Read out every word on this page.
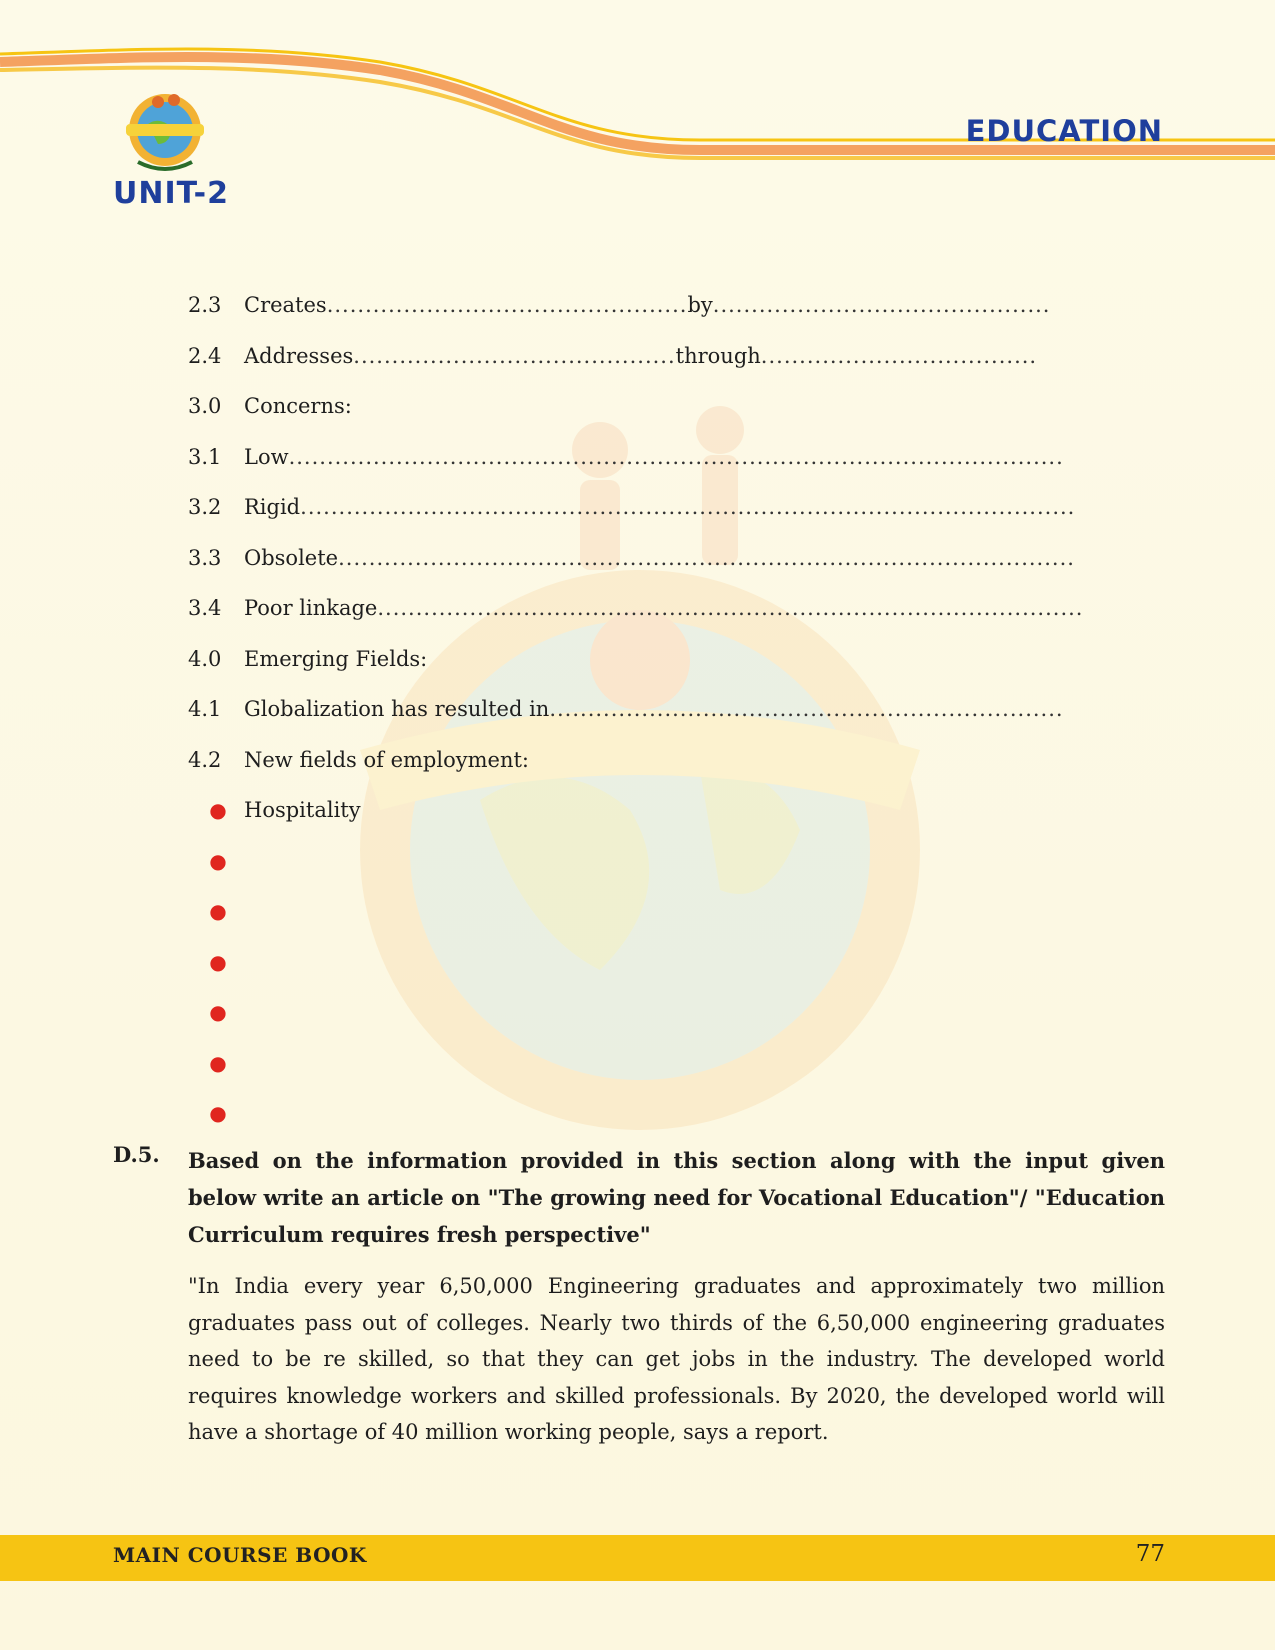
UNIT-2
EDUCATION
2.3	Creates ............................................... by ............................................
2.4	Addresses .......................................... through ....................................
3.0	Concerns:
3.1	Low .....................................................................................................
3.2	Rigid .....................................................................................................
3.3	Obsolete ................................................................................................
3.4	Poor linkage ............................................................................................
4.0	Emerging Fields:
4.1	Globalization has resulted in ...................................................................
4.2	New fields of employment:
● Hospitality
●
●
●
●
●
●
D.5. Based on the information provided in this section along with the input given below write an article on "The growing need for Vocational Education"/ "Education Curriculum requires fresh perspective"
"In India every year 6,50,000 Engineering graduates and approximately two million graduates pass out of colleges. Nearly two thirds of the 6,50,000 engineering graduates need to be re skilled, so that they can get jobs in the industry. The developed world requires knowledge workers and skilled professionals. By 2020, the developed world will have a shortage of 40 million working people, says a report.
MAIN COURSE BOOK	77
